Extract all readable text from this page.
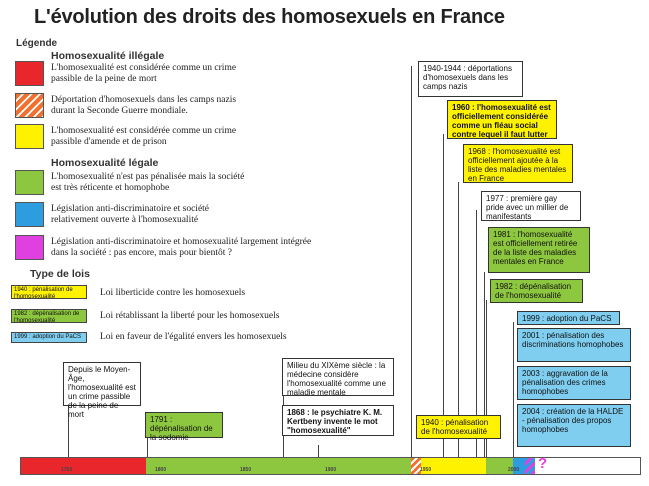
L'évolution des droits des homosexuels en France
Légende
Homosexualité illégale
L'homosexualité est considérée comme un crime passible de la peine de mort
Déportation d'homosexuels dans les camps nazis durant la Seconde Guerre mondiale.
L'homosexualité est considérée comme un crime passible d'amende et de prison
Homosexualité légale
L'homosexualité n'est pas pénalisée mais la société est très réticente et homophobe
Législation anti-discriminatoire et société relativement ouverte à l'homosexualité
Législation anti-discriminatoire et homosexualité largement intégrée dans la société : pas encore, mais pour bientôt ?
Type de lois
1940 : pénalisation de l'homosexualité	Loi liberticide contre les homosexuels
1982 : dépénalisation de l'homosexualité	Loi rétablissant la liberté pour les homosexuels
1999 : adoption du PaCS	Loi en faveur de l'égalité envers les homosexuels
Depuis le Moyen-Âge, l'homosexualité est un crime passible de la peine de mort
1791 : dépénalisation de la sodomie
Milieu du XIXème siècle : la médecine considère l'homosexualité comme une maladie mentale
1868 : le psychiatre K. M. Kertbeny invente le mot "homosexualité"
1940 : pénalisation de l'homosexualité
1940-1944 : déportations d'homosexuels dans les camps nazis
1960 : l'homosexualité est officiellement considérée comme un fléau social contre lequel il faut lutter
1968 : l'homosexualité est officiellement ajoutée à la liste des maladies mentales en France
1977 : première gay pride avec un millier de manifestants
1981 : l'homosexualité est officiellement retirée de la liste des maladies mentales en France
1982 : dépénalisation de l'homosexualité
1999 : adoption du PaCS
2001 : pénalisation des discriminations homophobes
2003 : aggravation de la pénalisation des crimes homophobes
2004 : création de la HALDE - pénalisation des propos homophobes
?
1750	1800	1850	1900	1950	2000
